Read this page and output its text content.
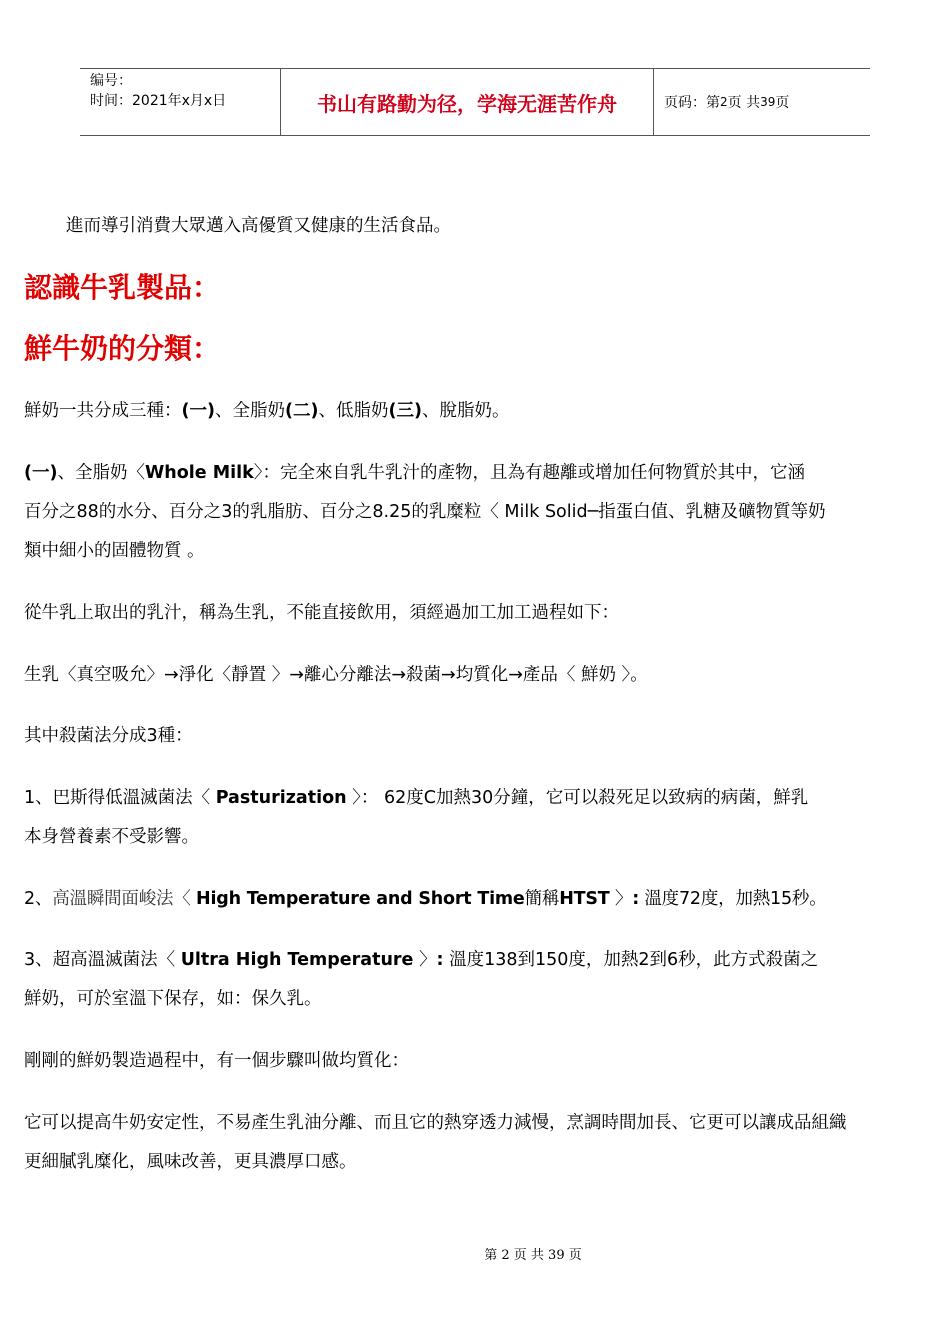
编号：
时间：2021年x月x日	书山有路勤为径，学海无涯苦作舟	页码：第 2 页 共 39 页
進而導引消費大眾邁入高優質又健康的生活食品。
認識牛乳製品：
鮮牛奶的分類：
鮮奶一共分成三種：(一)、全脂奶(二)、低脂奶(三)、脫脂奶。
(一)、全脂奶〈Whole Milk〉：完全來自乳牛乳汁的產物，且為有趣離或增加任何物質於其中，它涵
百分之88的水分、百分之3的乳脂肪、百分之8.25的乳糜粒〈 Milk Solid─指蛋白值、乳糖及礦物質等奶
類中細小的固體物質 。
從牛乳上取出的乳汁，稱為生乳，不能直接飲用，須經過加工加工過程如下：
生乳〈真空吸允〉→淨化〈靜置 〉→離心分離法→殺菌→均質化→產品〈 鮮奶 〉。
其中殺菌法分成3種：
1、巴斯得低溫滅菌法〈 Pasturization 〉： 62度C加熱30分鐘，它可以殺死足以致病的病菌，鮮乳
本身營養素不受影響。
2、高溫瞬間面峻法〈 High Temperature and Short Time簡稱HTST 〉: 溫度72度，加熱15秒。
3、超高溫滅菌法〈 Ultra High Temperature 〉: 溫度138到150度，加熱2到6秒，此方式殺菌之
鮮奶，可於室溫下保存，如：保久乳。
剛剛的鮮奶製造過程中，有一個步驟叫做均質化：
它可以提高牛奶安定性，不易產生乳油分離、而且它的熱穿透力減慢，烹調時間加長、它更可以讓成品組織
更細膩乳糜化，風味改善，更具濃厚口感。
第 2 页 共 39 页
